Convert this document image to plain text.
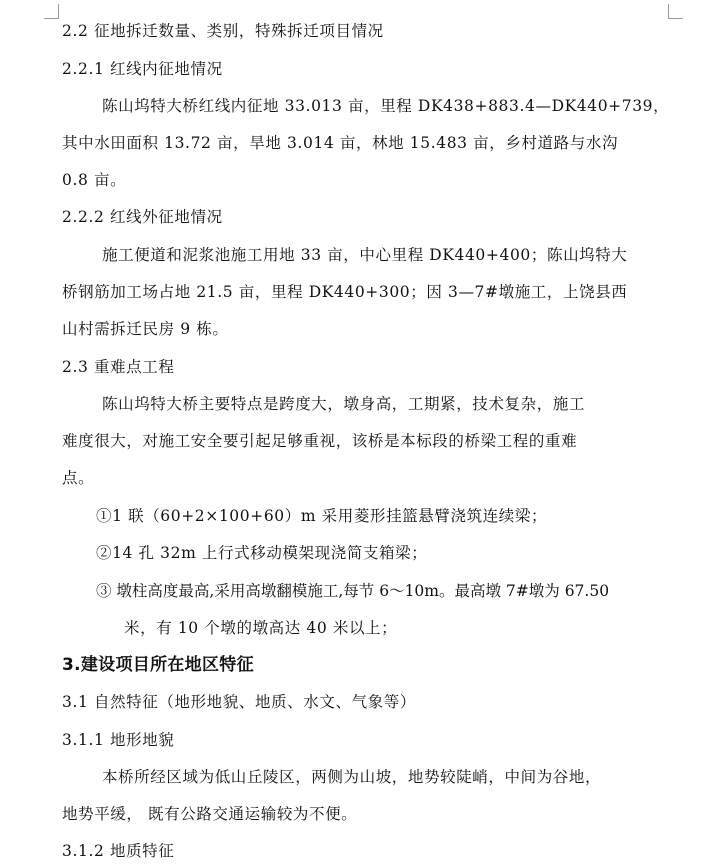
2.2 征地拆迁数量、类别，特殊拆迁项目情况
2.2.1 红线内征地情况
陈山坞特大桥红线内征地 33.013 亩，里程 DK438+883.4—DK440+739，
其中水田面积 13.72 亩，旱地 3.014 亩，林地 15.483 亩，乡村道路与水沟
0.8 亩。
2.2.2 红线外征地情况
施工便道和泥浆池施工用地 33 亩，中心里程 DK440+400；陈山坞特大
桥钢筋加工场占地 21.5 亩，里程 DK440+300；因 3—7#墩施工，上饶县西
山村需拆迁民房 9 栋。
2.3 重难点工程
陈山坞特大桥主要特点是跨度大，墩身高，工期紧，技术复杂，施工
难度很大，对施工安全要引起足够重视，该桥是本标段的桥梁工程的重难
点。
①1 联（60+2×100+60）m 采用菱形挂篮悬臂浇筑连续梁；
②14 孔 32m 上行式移动模架现浇简支箱梁；
③ 墩柱高度最高,采用高墩翻模施工,每节 6～10m。最高墩 7#墩为 67.50
米，有 10 个墩的墩高达 40 米以上；
3.建设项目所在地区特征
3.1 自然特征（地形地貌、地质、水文、气象等）
3.1.1 地形地貌
本桥所经区域为低山丘陵区，两侧为山坡，地势较陡峭，中间为谷地，
地势平缓， 既有公路交通运输较为不便。
3.1.2 地质特征
